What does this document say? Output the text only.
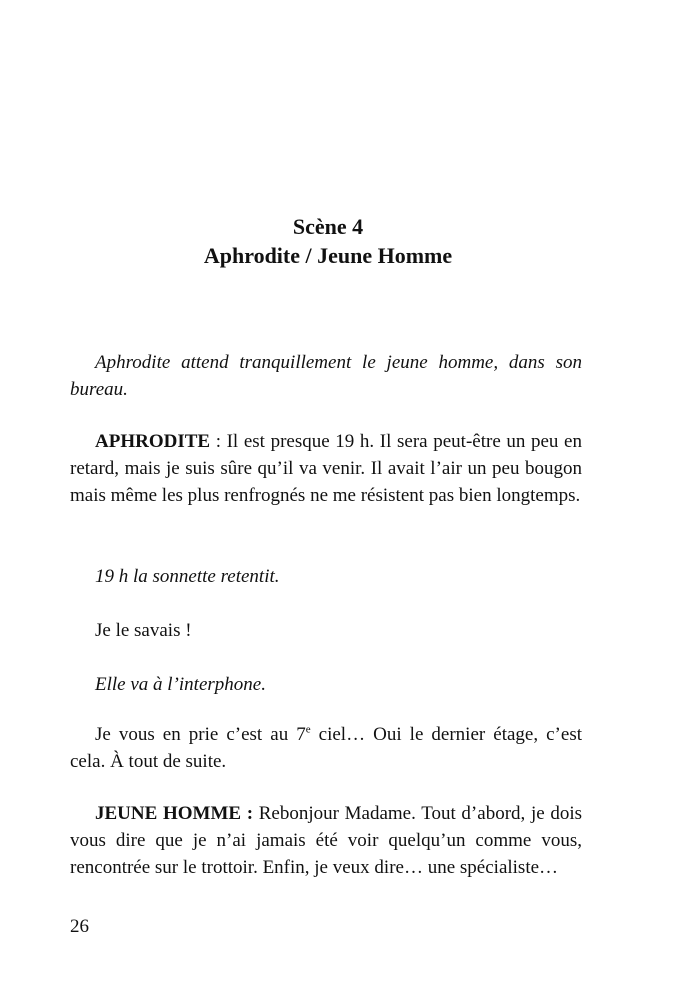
Scène 4
Aphrodite / Jeune Homme

Aphrodite attend tranquillement le jeune homme, dans son bureau.

APHRODITE : Il est presque 19 h. Il sera peut-être un peu en retard, mais je suis sûre qu’il va venir. Il avait l’air un peu bougon mais même les plus renfrognés ne me résistent pas bien longtemps.

19 h la sonnette retentit.

Je le savais !

Elle va à l’interphone.

Je vous en prie c’est au 7e ciel… Oui le dernier étage, c’est cela. À tout de suite.

JEUNE HOMME : Rebonjour Madame. Tout d’abord, je dois vous dire que je n’ai jamais été voir quelqu’un comme vous, rencontrée sur le trottoir. Enfin, je veux dire… une spécialiste…

26
